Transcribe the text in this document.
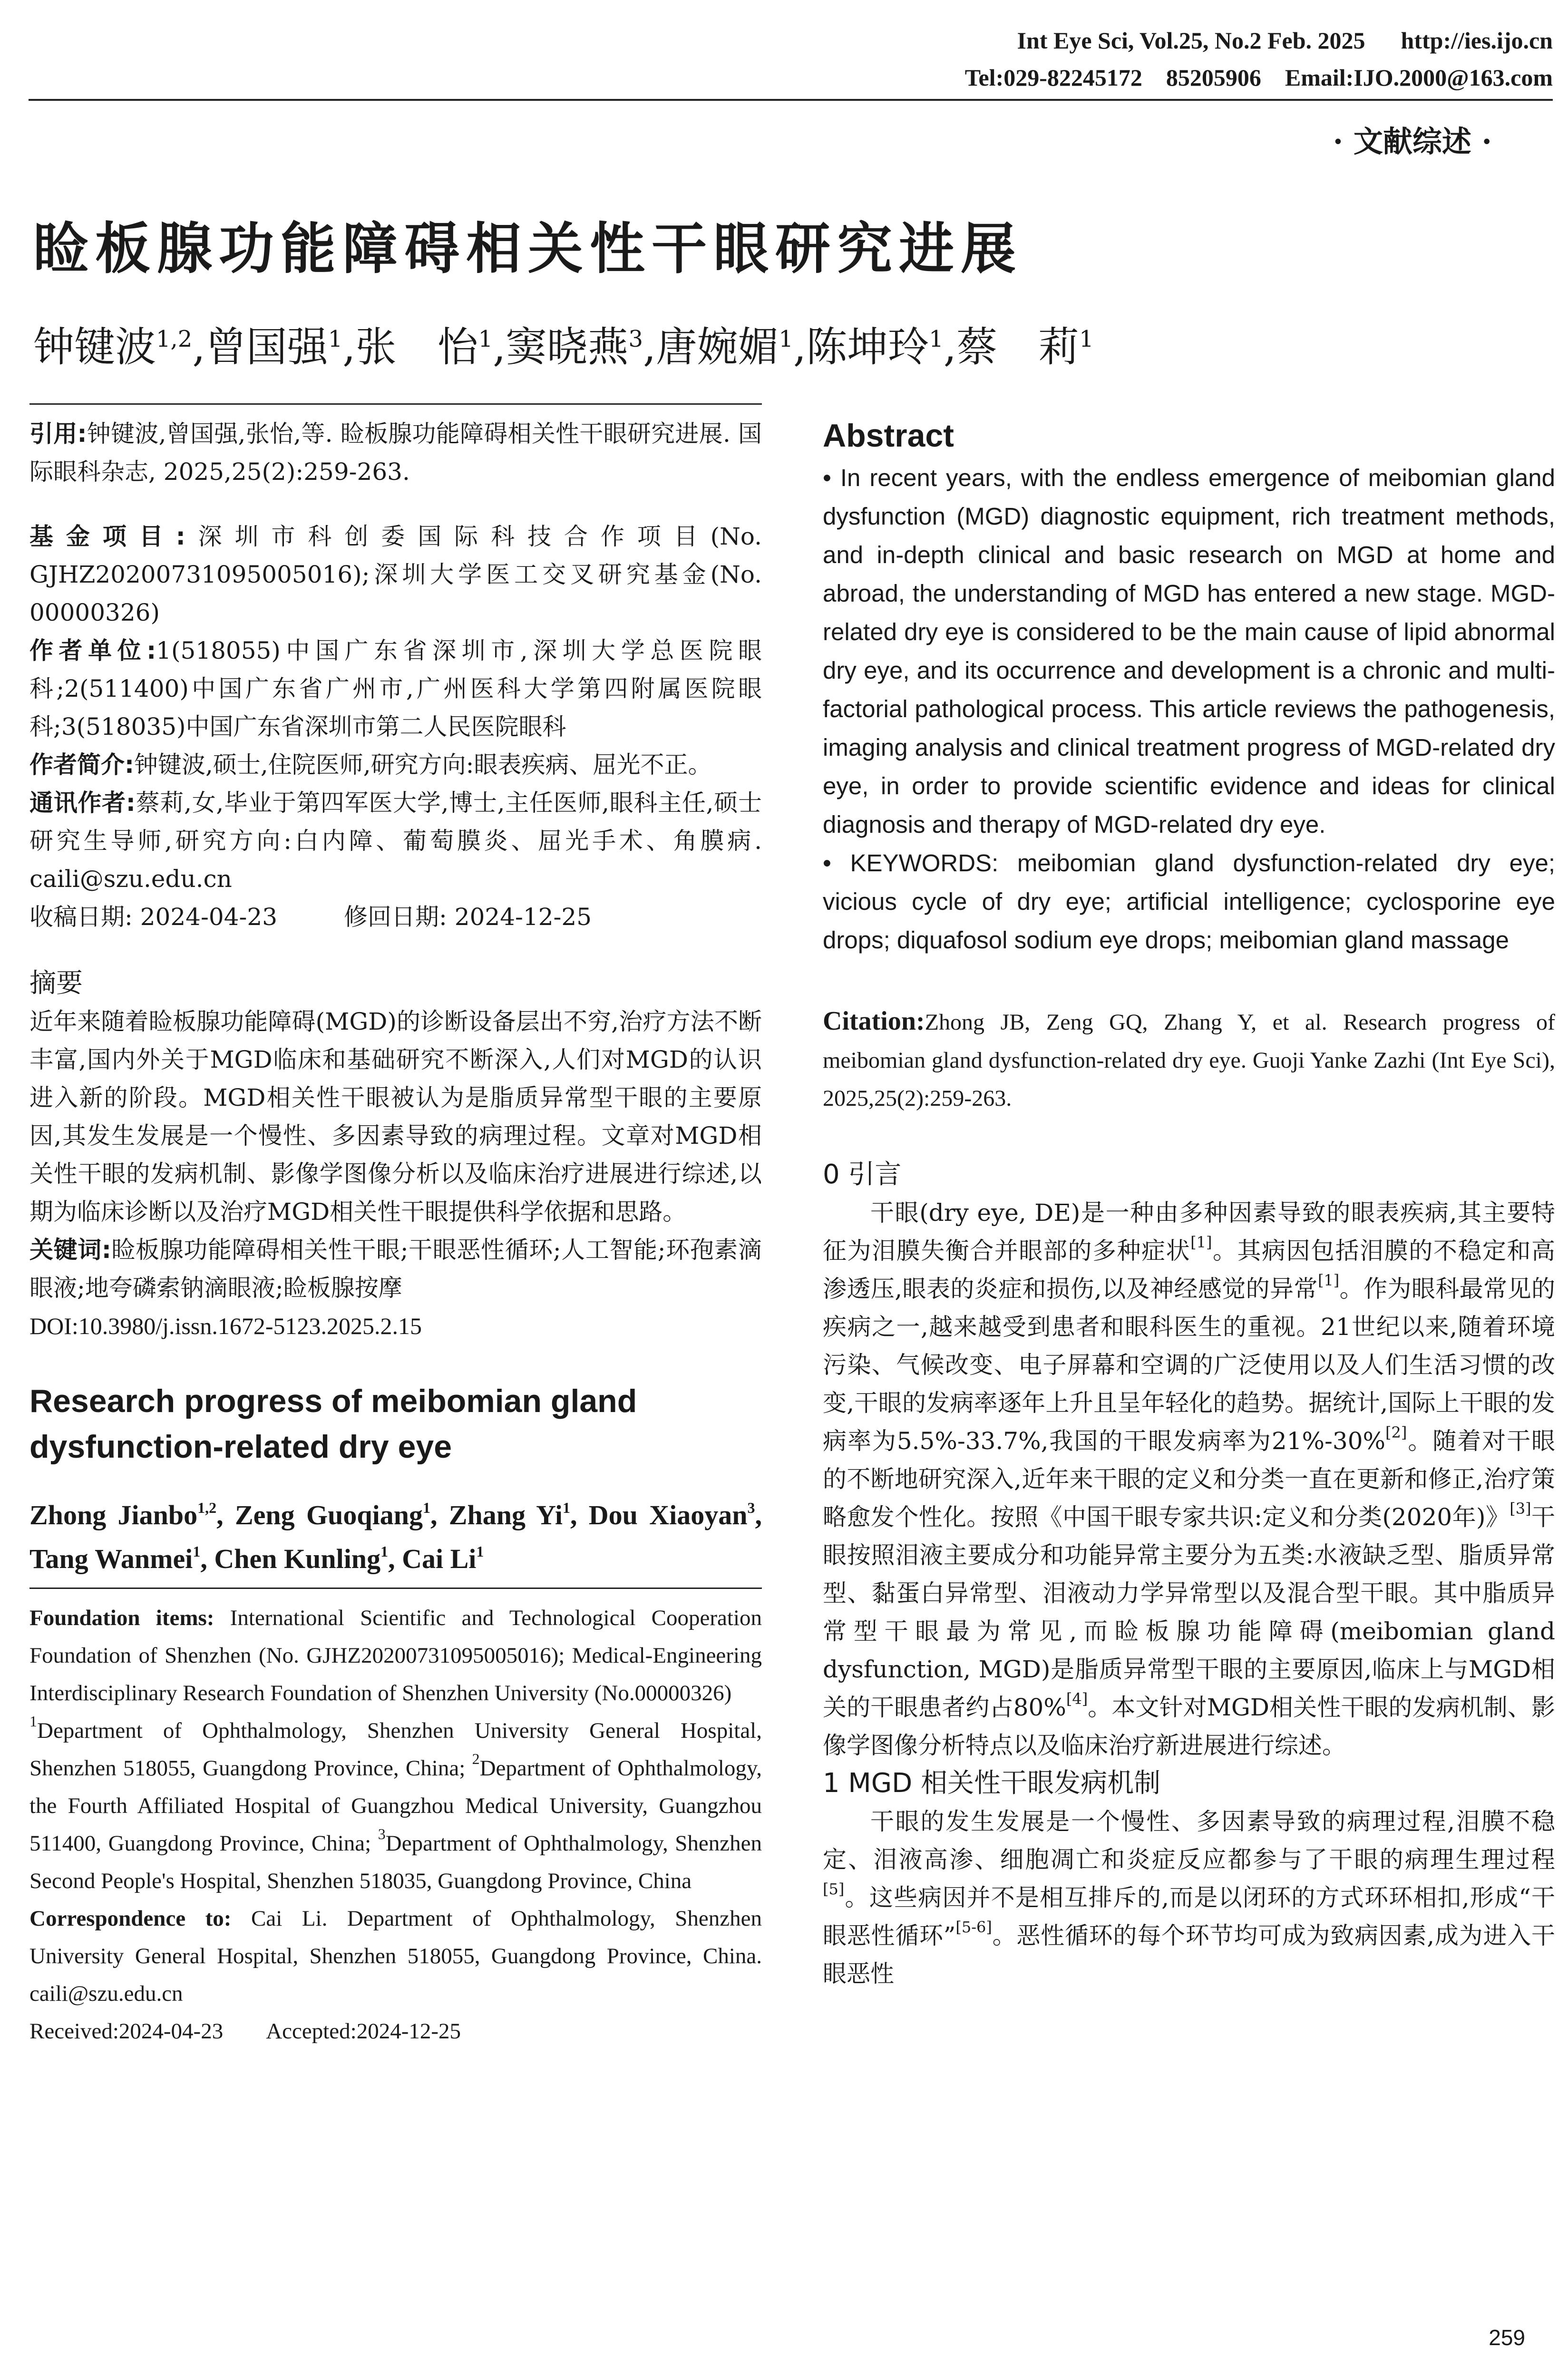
Int Eye Sci, Vol.25, No.2 Feb. 2025      http://ies.ijo.cn
Tel:029-82245172    85205906    Email:IJO.2000@163.com
· 文献综述 ·
睑板腺功能障碍相关性干眼研究进展
钟键波$^{1,2}$,曾国强$^1$,张　怡$^1$,窦晓燕$^3$,唐婉媚$^1$,陈坤玲$^1$,蔡　莉$^1$

引用:钟键波,曾国强,张怡,等. 睑板腺功能障碍相关性干眼研究进展. 国际眼科杂志, 2025,25(2):259-263.

基金项目:深圳市科创委国际科技合作项目(No. GJHZ20200731095005016);深圳大学医工交叉研究基金(No. 00000326)

作者单位:1(518055)中国广东省深圳市,深圳大学总医院眼科;2(511400)中国广东省广州市,广州医科大学第四附属医院眼科;3(518035)中国广东省深圳市第二人民医院眼科

作者简介:钟键波,硕士,住院医师,研究方向:眼表疾病、屈光不正。

通讯作者:蔡莉,女,毕业于第四军医大学,博士,主任医师,眼科主任,硕士研究生导师,研究方向:白内障、葡萄膜炎、屈光手术、角膜病. caili@szu.edu.cn

收稿日期: 2024-04-23	修回日期: 2024-12-25

摘要

近年来随着睑板腺功能障碍(MGD)的诊断设备层出不穷,治疗方法不断丰富,国内外关于MGD临床和基础研究不断深入,人们对MGD的认识进入新的阶段。MGD相关性干眼被认为是脂质异常型干眼的主要原因,其发生发展是一个慢性、多因素导致的病理过程。文章对MGD相关性干眼的发病机制、影像学图像分析以及临床治疗进展进行综述,以期为临床诊断以及治疗MGD相关性干眼提供科学依据和思路。

关键词:睑板腺功能障碍相关性干眼;干眼恶性循环;人工智能;环孢素滴眼液;地夸磷索钠滴眼液;睑板腺按摩

DOI:10.3980/j.issn.1672-5123.2025.2.15

Research progress of meibomian gland dysfunction-related dry eye

Zhong Jianbo$^{1,2}$, Zeng Guoqiang$^1$, Zhang Yi$^1$, Dou Xiaoyan$^3$, Tang Wanmei$^1$, Chen Kunling$^1$, Cai Li$^1$

Foundation items: International Scientific and Technological Cooperation Foundation of Shenzhen (No. GJHZ20200731095005016); Medical-Engineering Interdisciplinary Research Foundation of Shenzhen University (No.00000326)

$^1$Department of Ophthalmology, Shenzhen University General Hospital, Shenzhen 518055, Guangdong Province, China; $^2$Department of Ophthalmology, the Fourth Affiliated Hospital of Guangzhou Medical University, Guangzhou 511400, Guangdong Province, China; $^3$Department of Ophthalmology, Shenzhen Second People's Hospital, Shenzhen 518035, Guangdong Province, China

Correspondence to: Cai Li. Department of Ophthalmology, Shenzhen University General Hospital, Shenzhen 518055, Guangdong Province, China. caili@szu.edu.cn

Received:2024-04-23 Accepted:2024-12-25

Abstract

• In recent years, with the endless emergence of meibomian gland dysfunction (MGD) diagnostic equipment, rich treatment methods, and in-depth clinical and basic research on MGD at home and abroad, the understanding of MGD has entered a new stage. MGD-related dry eye is considered to be the main cause of lipid abnormal dry eye, and its occurrence and development is a chronic and multi-factorial pathological process. This article reviews the pathogenesis, imaging analysis and clinical treatment progress of MGD-related dry eye, in order to provide scientific evidence and ideas for clinical diagnosis and therapy of MGD-related dry eye.

• KEYWORDS: meibomian gland dysfunction-related dry eye; vicious cycle of dry eye; artificial intelligence; cyclosporine eye drops; diquafosol sodium eye drops; meibomian gland massage

Citation:Zhong JB, Zeng GQ, Zhang Y, et al. Research progress of meibomian gland dysfunction-related dry eye. Guoji Yanke Zazhi (Int Eye Sci), 2025,25(2):259-263.

0 引言

干眼(dry eye, DE)是一种由多种因素导致的眼表疾病,其主要特征为泪膜失衡合并眼部的多种症状[1]。其病因包括泪膜的不稳定和高渗透压,眼表的炎症和损伤,以及神经感觉的异常[1]。作为眼科最常见的疾病之一,越来越受到患者和眼科医生的重视。21世纪以来,随着环境污染、气候改变、电子屏幕和空调的广泛使用以及人们生活习惯的改变,干眼的发病率逐年上升且呈年轻化的趋势。据统计,国际上干眼的发病率为5.5%-33.7%,我国的干眼发病率为21%-30%[2]。随着对干眼的不断地研究深入,近年来干眼的定义和分类一直在更新和修正,治疗策略愈发个性化。按照《中国干眼专家共识:定义和分类(2020年)》[3]干眼按照泪液主要成分和功能异常主要分为五类:水液缺乏型、脂质异常型、黏蛋白异常型、泪液动力学异常型以及混合型干眼。其中脂质异常型干眼最为常见,而睑板腺功能障碍(meibomian gland dysfunction, MGD)是脂质异常型干眼的主要原因,临床上与MGD相关的干眼患者约占80%[4]。本文针对MGD相关性干眼的发病机制、影像学图像分析特点以及临床治疗新进展进行综述。

1 MGD 相关性干眼发病机制

干眼的发生发展是一个慢性、多因素导致的病理过程,泪膜不稳定、泪液高渗、细胞凋亡和炎症反应都参与了干眼的病理生理过程[5]。这些病因并不是相互排斥的,而是以闭环的方式环环相扣,形成“干眼恶性循环”[5-6]。恶性循环的每个环节均可成为致病因素,成为进入干眼恶性

259
